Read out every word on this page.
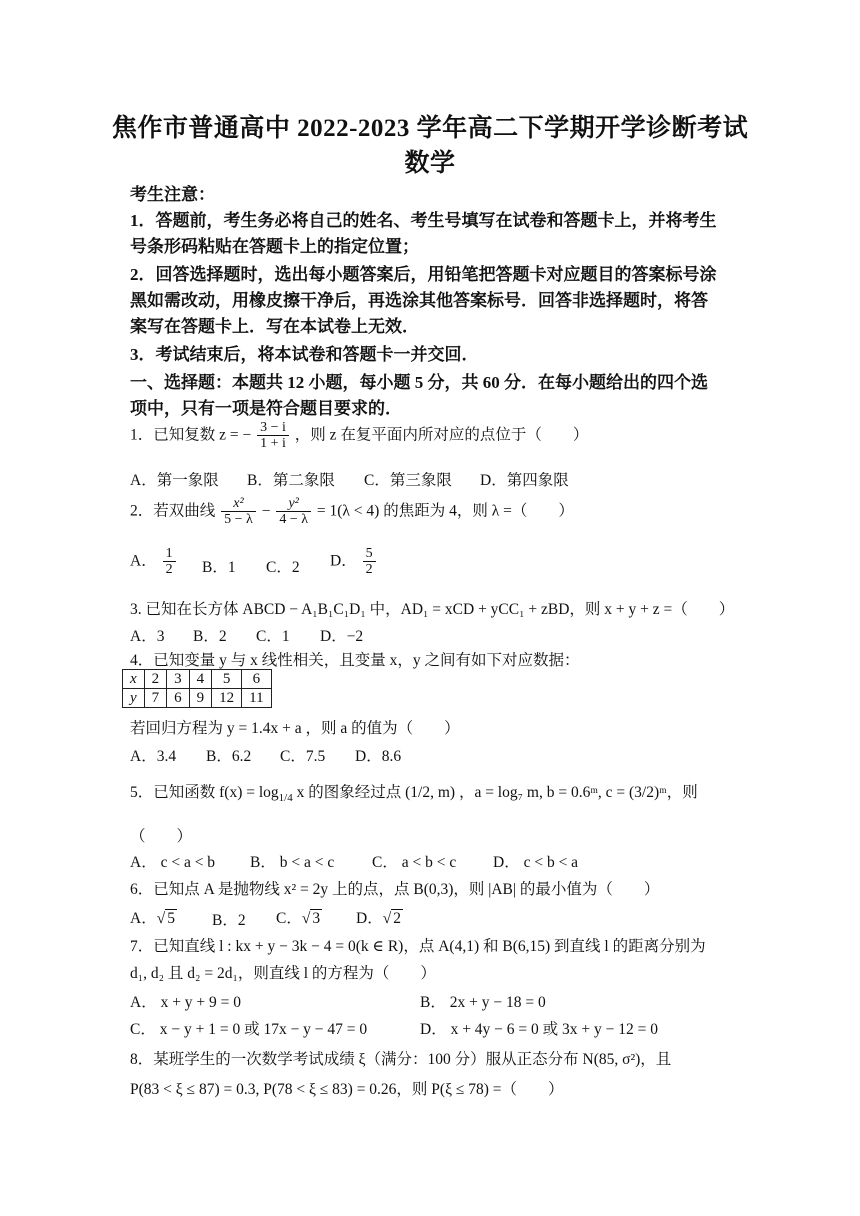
焦作市普通高中 2022-2023 学年高二下学期开学诊断考试
数学
考生注意：
1．答题前，考生务必将自己的姓名、考生号填写在试卷和答题卡上，并将考生
号条形码粘贴在答题卡上的指定位置；
2．回答选择题时，选出每小题答案后，用铅笔把答题卡对应题目的答案标号涂
黑如需改动，用橡皮擦干净后，再选涂其他答案标号．回答非选择题时，将答
案写在答题卡上．写在本试卷上无效．
3．考试结束后，将本试卷和答题卡一并交回．
一、选择题：本题共 12 小题，每小题 5 分，共 60 分．在每小题给出的四个选
项中，只有一项是符合题目要求的．
1．已知复数 z = − $\frac{3 - i}{1 + i}$ ，则 z 在复平面内所对应的点位于（　　）
A．第一象限 B．第二象限 C．第三象限 D．第四象限
2．若双曲线 $\frac{\text{x²}}{5 - \lambda} - \frac{\text{y²}}{4 - \lambda} = 1(\lambda < 4)$ 的焦距为 4，则 λ =（　　）
A． $\frac{1}{2}$ B．1 C．2 D． $\frac{5}{2}$
3. 已知在长方体 ABCD − A₁B₁C₁D₁ 中，AD₁ = xCD + yCC₁ + zBD，则 x + y + z =（　　）
A．3 B．2 C．1 D．−2
4．已知变量 y 与 x 线性相关，且变量 x，y 之间有如下对应数据：
x	2	3	4	5	6
y	7	6	9	12	11
若回归方程为 y = 1.4x + a ，则 a 的值为（　　）
A．3.4 B．6.2 C．7.5 D．8.6
5．已知函数 $f(x) = \log_{1/4} x$ 的图象经过点 (1/2, m) ，a = log₇ m, b = 0.6ᵐ, c = (3/2)ᵐ，则
（　　）
A． c < a < b B． b < a < c C． a < b < c D． c < b < a
6．已知点 A 是抛物线 x² = 2y 上的点，点 B(0,3)，则 |AB| 的最小值为（　　）
A．√ 5 B．2 C．√ 3 D．√ 2
7．已知直线 l : kx + y − 3k − 4 = 0(k ∈ R)，点 A(4,1) 和 B(6,15) 到直线 l 的距离分别为
d₁, d₂ 且 d₂ = 2d₁，则直线 l 的方程为（　　）
A． x + y + 9 = 0	B． 2x + y − 18 = 0
C． x − y + 1 = 0 或 17x − y − 47 = 0	D． x + 4y − 6 = 0 或 3x + y − 12 = 0
8．某班学生的一次数学考试成绩 ξ（满分：100 分）服从正态分布 N(85, σ²)，且
P(83 < ξ ≤ 87) = 0.3, P(78 < ξ ≤ 83) = 0.26，则 P(ξ ≤ 78) =（　　）
